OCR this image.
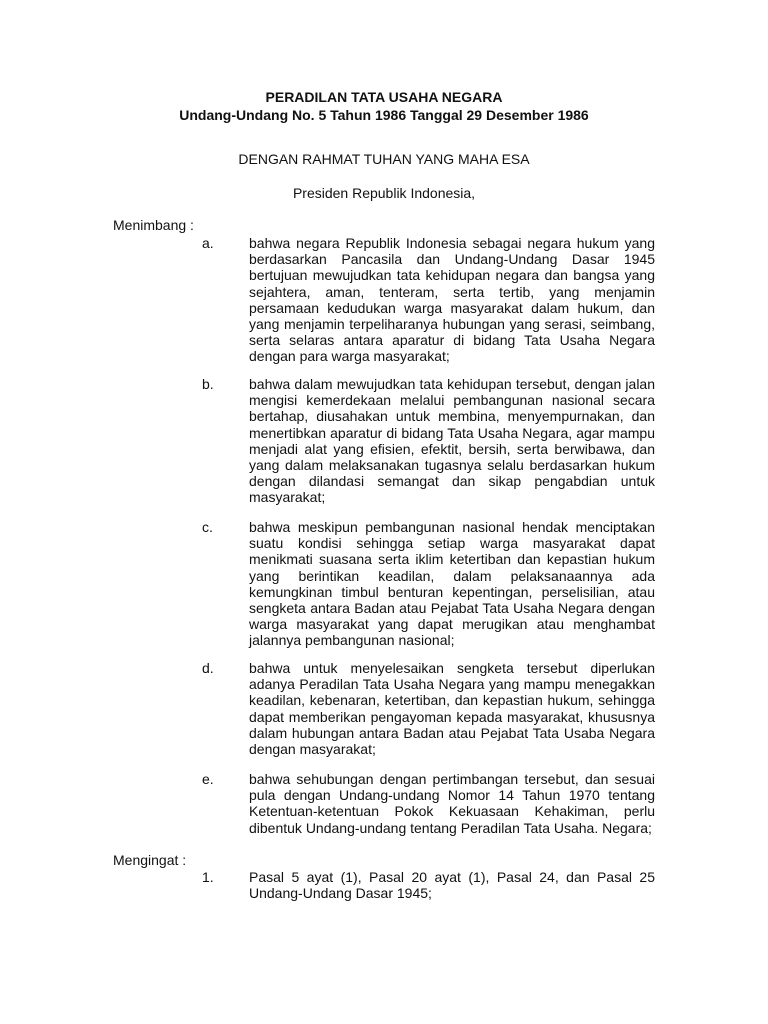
PERADILAN TATA USAHA NEGARA
Undang-Undang No. 5 Tahun 1986 Tanggal 29 Desember 1986
DENGAN RAHMAT TUHAN YANG MAHA ESA
Presiden Republik Indonesia,
Menimbang :
a.	bahwa negara Republik Indonesia sebagai negara hukum yang berdasarkan Pancasila dan Undang-Undang Dasar 1945 bertujuan mewujudkan tata kehidupan negara dan bangsa yang sejahtera, aman, tenteram, serta tertib, yang menjamin persamaan kedudukan warga masyarakat dalam hukum, dan yang menjamin terpeliharanya hubungan yang serasi, seimbang, serta selaras antara aparatur di bidang Tata Usaha Negara dengan para warga masyarakat;

b.	bahwa dalam mewujudkan tata kehidupan tersebut, dengan jalan mengisi kemerdekaan melalui pembangunan nasional secara bertahap, diusahakan untuk membina, menyempurnakan, dan menertibkan aparatur di bidang Tata Usaha Negara, agar mampu menjadi alat yang efisien, efektit, bersih, serta berwibawa, dan yang dalam melaksanakan tugasnya selalu berdasarkan hukum dengan dilandasi semangat dan sikap pengabdian untuk masyarakat;

c.	bahwa meskipun pembangunan nasional hendak menciptakan suatu kondisi sehingga setiap warga masyarakat dapat menikmati suasana serta iklim ketertiban dan kepastian hukum yang berintikan keadilan, dalam pelaksanaannya ada kemungkinan timbul benturan kepentingan, perselisilian, atau sengketa antara Badan atau Pejabat Tata Usaha Negara dengan warga masyarakat yang dapat merugikan atau menghambat jalannya pembangunan nasional;

d.	bahwa untuk menyelesaikan sengketa tersebut diperlukan adanya Peradilan Tata Usaha Negara yang mampu menegakkan keadilan, kebenaran, ketertiban, dan kepastian hukum, sehingga dapat memberikan pengayoman kepada masyarakat, khususnya dalam hubungan antara Badan atau Pejabat Tata Usaba Negara dengan masyarakat;

e.	bahwa sehubungan dengan pertimbangan tersebut, dan sesuai pula dengan Undang-undang Nomor 14 Tahun 1970 tentang Ketentuan-ketentuan Pokok Kekuasaan Kehakiman, perlu dibentuk Undang-undang tentang Peradilan Tata Usaha. Negara;

Mengingat :
1.	Pasal 5 ayat (1), Pasal 20 ayat (1), Pasal 24, dan Pasal 25 Undang-Undang Dasar 1945;
